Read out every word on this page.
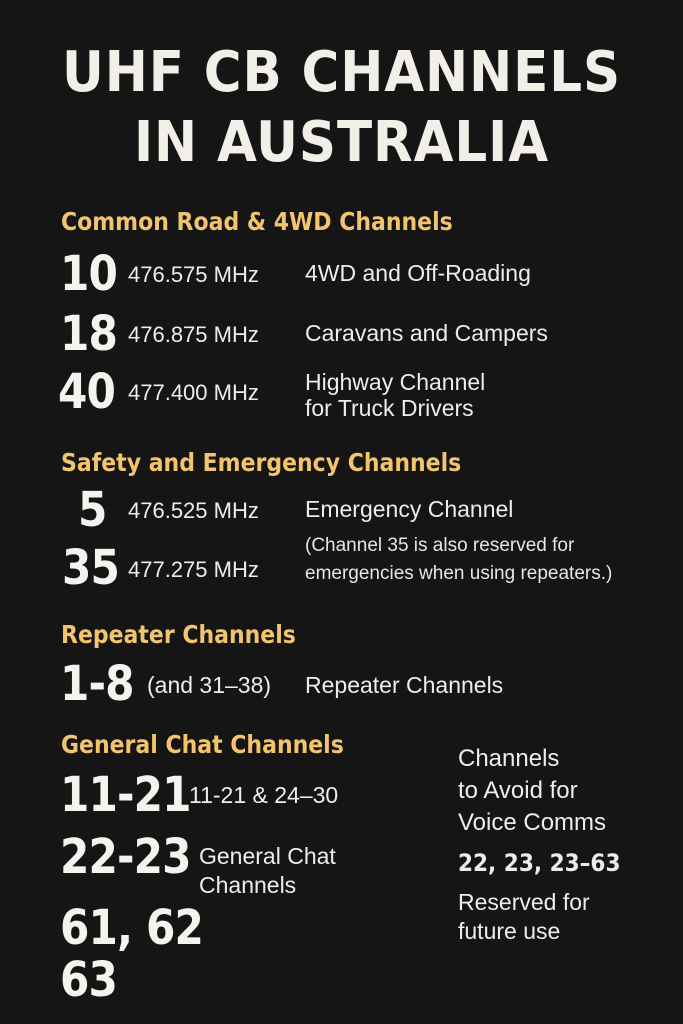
UHF CB CHANNELS
IN AUSTRALIA
Common Road & 4WD Channels
10 476.575 MHz 4WD and Off-Roading
18 476.875 MHz Caravans and Campers
40 477.400 MHz Highway Channel
for Truck Drivers
Safety and Emergency Channels
5 476.525 MHz Emergency Channel
35 477.275 MHz
(Channel 35 is also reserved for
emergencies when using repeaters.)
Repeater Channels
1-8 (and 31–38) Repeater Channels
General Chat Channels
11-21
11-21 & 24–30
22-23 General Chat
Channels
61, 62
63
Channels
to Avoid for
Voice Comms
22, 23, 23–63
Reserved for
future use
